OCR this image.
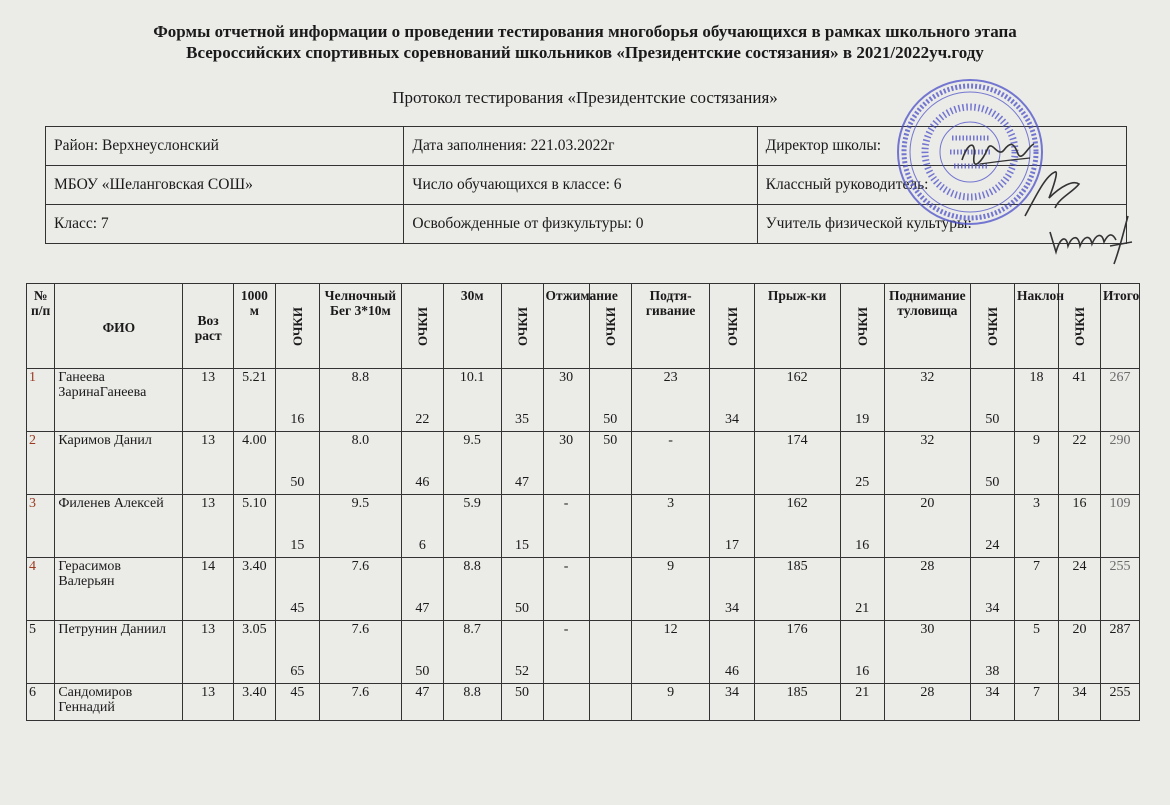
Формы отчетной информации о проведении тестирования многоборья обучающихся в рамках школьного этапа
Всероссийских спортивных соревнований школьников «Президентские состязания» в 2021/2022уч.году
Протокол тестирования «Президентские состязания»
Район: Верхнеуслонский	Дата заполнения: 221.03.2022г	Директор школы:
МБОУ «Шеланговская СОШ»	Число обучающихся в классе: 6	Классный руководитель:
Класс: 7	Освобожденные от физкультуры: 0	Учитель физической культуры:
№ п/п	ФИО	Воз раст	1000 м	ОЧКИ	Челночный Бег 3*10м	ОЧКИ	30м	ОЧКИ	Отжимание	ОЧКИ	Подтя-гивание	ОЧКИ	Прыж-ки	ОЧКИ	Поднимание туловища	ОЧКИ	Наклон	ОЧКИ	Итого
1	Ганеева ЗаринаГанеева	13	5.21	16	8.8	22	10.1	35	30	50	23	34	162	19	32	50	18	41	267
2	Каримов Данил	13	4.00	50	8.0	46	9.5	47	30	50	-		174	25	32	50	9	22	290
3	Филенев Алексей	13	5.10	15	9.5	6	5.9	15	-		3	17	162	16	20	24	3	16	109
4	Герасимов Валерьян	14	3.40	45	7.6	47	8.8	50	-		9	34	185	21	28	34	7	24	255
5	Петрунин Даниил	13	3.05	65	7.6	50	8.7	52	-		12	46	176	16	30	38	5	20	287
6	Сандомиров Геннадий	13	3.40	45	7.6	47	8.8	50			9	34	185	21	28	34	7	34	255
